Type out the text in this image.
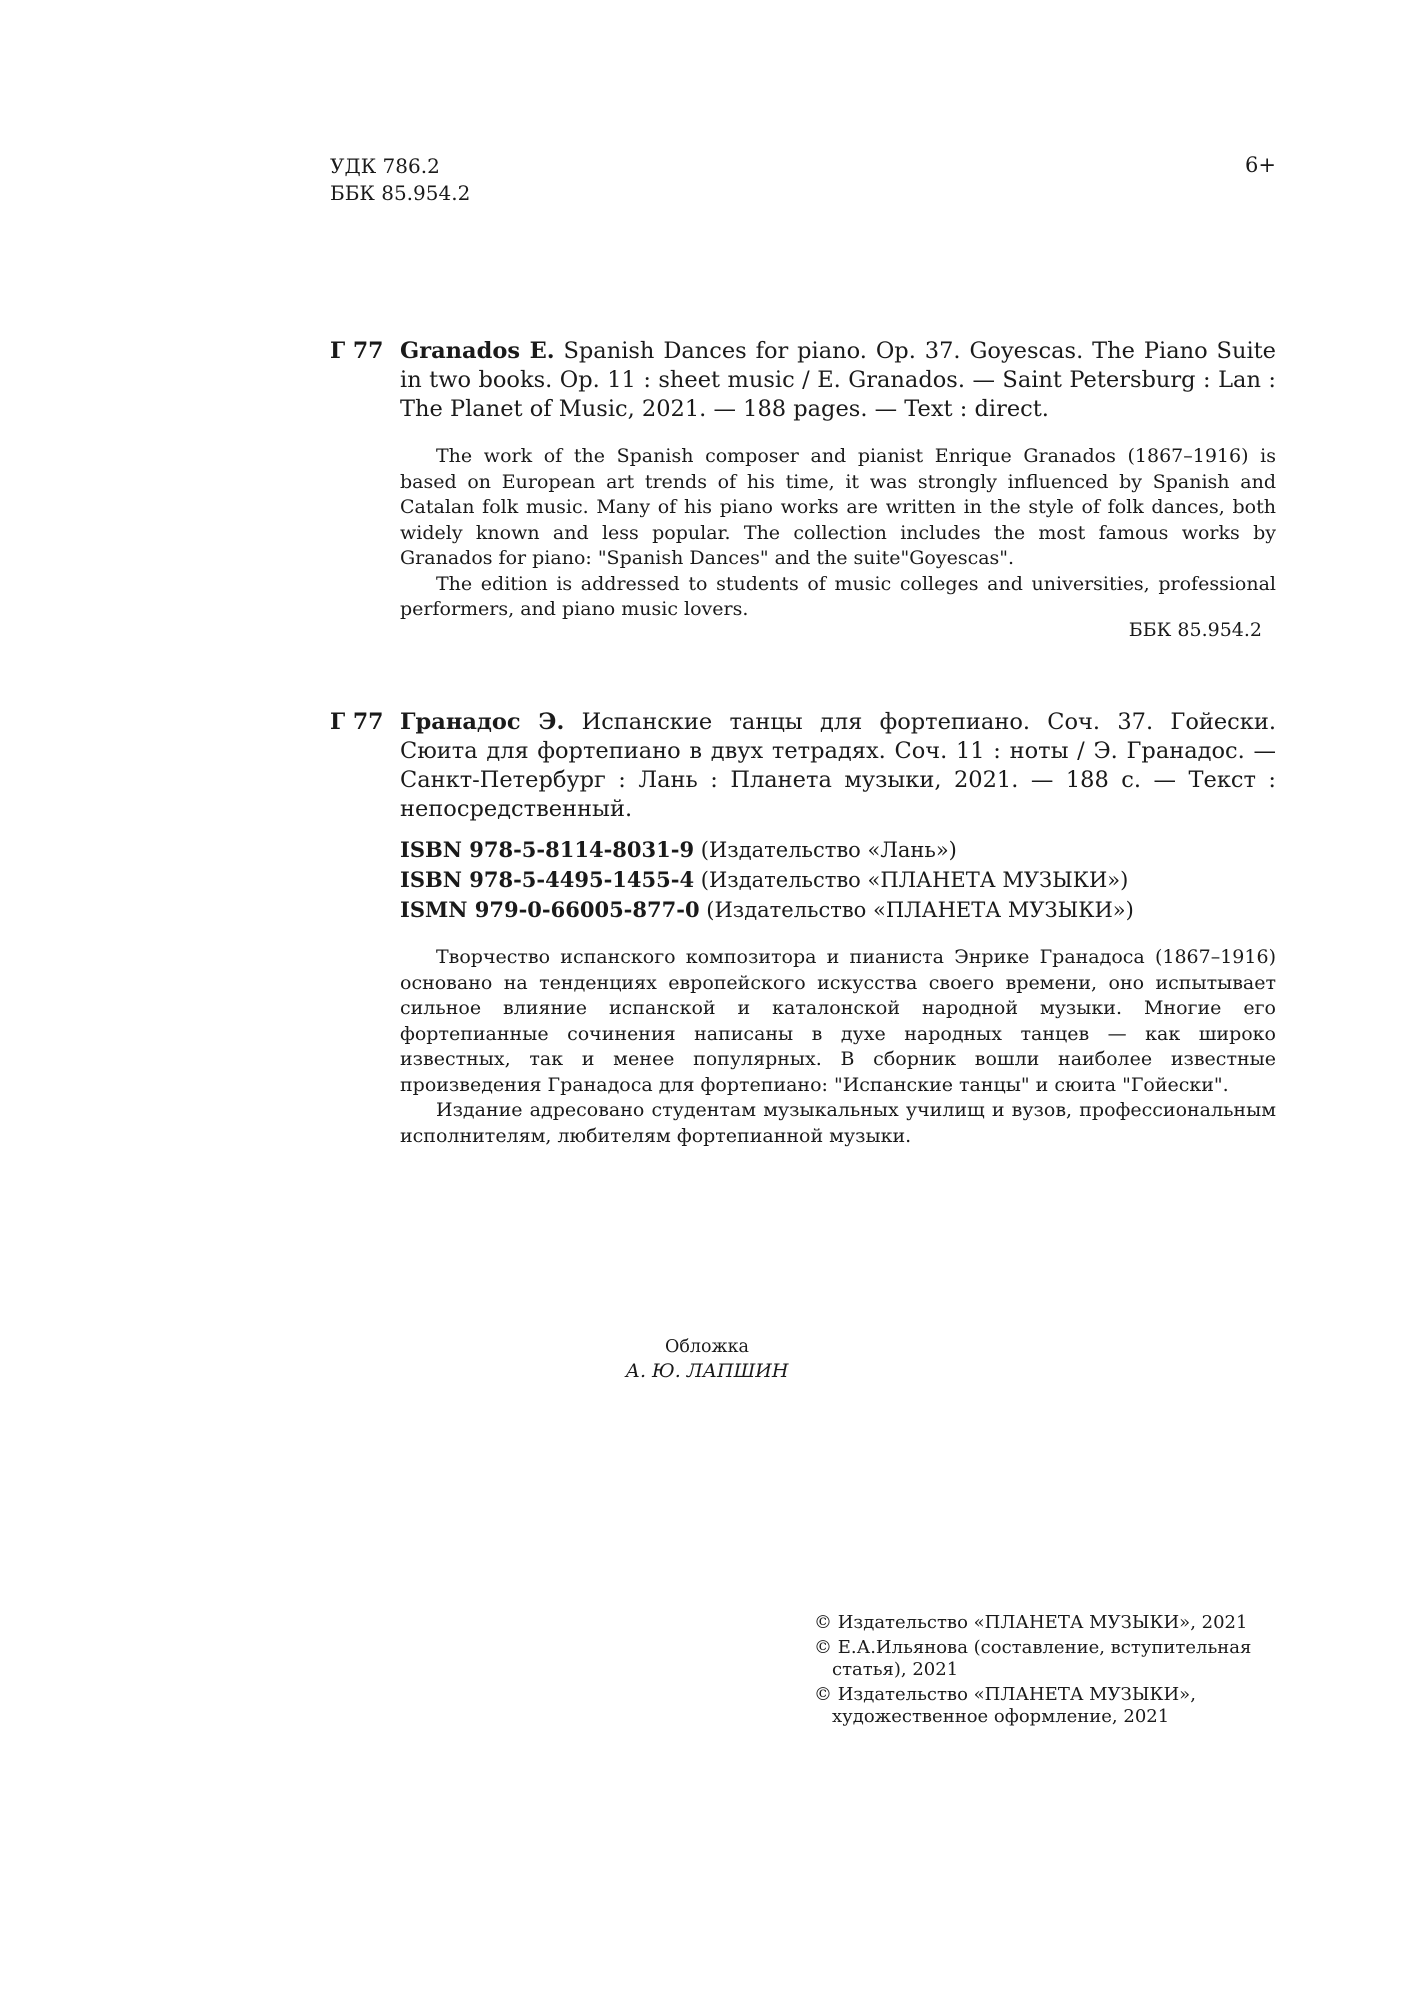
УДК 786.2
ББК 85.954.2
6+
Г 77 Granados E. Spanish Dances for piano. Op. 37. Goyescas. The Piano Suite in two books. Op. 11 : sheet music / E. Granados. — Saint Petersburg : Lan : The Planet of Music, 2021. — 188 pages. — Text : direct.

The work of the Spanish composer and pianist Enrique Granados (1867–1916) is based on European art trends of his time, it was strongly influenced by Spanish and Catalan folk music. Many of his piano works are written in the style of folk dances, both widely known and less popular. The collection includes the most famous works by Granados for piano: "Spanish Dances" and the suite"Goyescas".

The edition is addressed to students of music colleges and universities, professional performers, and piano music lovers.

ББК 85.954.2
Г 77 Гранадос Э. Испанские танцы для фортепиано. Соч. 37. Гойески. Сюита для фортепиано в двух тетрадях. Соч. 11 : ноты / Э. Гранадос. — Санкт-Петербург : Лань : Планета музыки, 2021. — 188 с. — Текст : непосредственный.
ISBN 978-5-8114-8031-9 (Издательство «Лань»)
ISBN 978-5-4495-1455-4 (Издательство «ПЛАНЕТА МУЗЫКИ»)
ISMN 979-0-66005-877-0 (Издательство «ПЛАНЕТА МУЗЫКИ»)

Творчество испанского композитора и пианиста Энрике Гранадоса (1867–1916) основано на тенденциях европейского искусства своего времени, оно испытывает сильное влияние испанской и каталонской народной музыки. Многие его фортепианные сочинения написаны в духе народных танцев — как широко известных, так и менее популярных. В сборник вошли наиболее известные произведения Гранадоса для фортепиано: "Испанские танцы" и сюита "Гойески".

Издание адресовано студентам музыкальных училищ и вузов, профессиональным исполнителям, любителям фортепианной музыки.

Обложка
А. Ю. ЛАПШИН

© Издательство «ПЛАНЕТА МУЗЫКИ», 2021

© Е.А.Ильянова (составление, вступительная статья), 2021

© Издательство «ПЛАНЕТА МУЗЫКИ», художественное оформление, 2021
